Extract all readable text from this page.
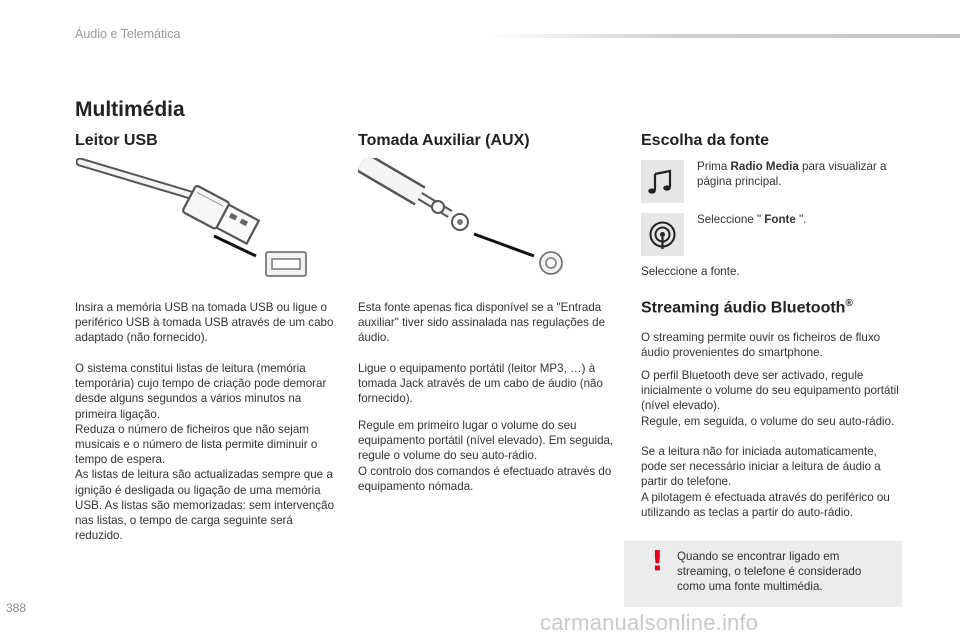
Áudio e Telemática
Multimédia
Leitor USB

Insira a memória USB na tomada USB ou ligue o periférico USB à tomada USB através de um cabo adaptado (não fornecido).

O sistema constitui listas de leitura (memória temporária) cujo tempo de criação pode demorar desde alguns segundos a vários minutos na primeira ligação.
Reduza o número de ficheiros que não sejam musicais e o número de lista permite diminuir o tempo de espera.
As listas de leitura são actualizadas sempre que a ignição é desligada ou ligação de uma memória USB. As listas são memorizadas: sem intervenção nas listas, o tempo de carga seguinte será reduzido.

Tomada Auxiliar (AUX)

Esta fonte apenas fica disponível se a "Entrada auxiliar" tiver sido assinalada nas regulações de áudio.

Ligue o equipamento portátil (leitor MP3, …) à tomada Jack através de um cabo de áudio (não fornecido).

Regule em primeiro lugar o volume do seu equipamento portátil (nível elevado). Em seguida, regule o volume do seu auto-rádio.
O controlo dos comandos é efectuado através do equipamento nómada.

Escolha da fonte

Prima Radio Media para visualizar a página principal.

Seleccione " Fonte ".

Seleccione a fonte.

Streaming áudio Bluetooth®

O streaming permite ouvir os ficheiros de fluxo áudio provenientes do smartphone.

O perfil Bluetooth deve ser activado, regule inicialmente o volume do seu equipamento portátil (nível elevado).
Regule, em seguida, o volume do seu auto-rádio.

Se a leitura não for iniciada automaticamente, pode ser necessário iniciar a leitura de áudio a partir do telefone.
A pilotagem é efectuada através do periférico ou utilizando as teclas a partir do auto-rádio.

! Quando se encontrar ligado em streaming, o telefone é considerado como uma fonte multimédia.

388
carmanualsonline.info
